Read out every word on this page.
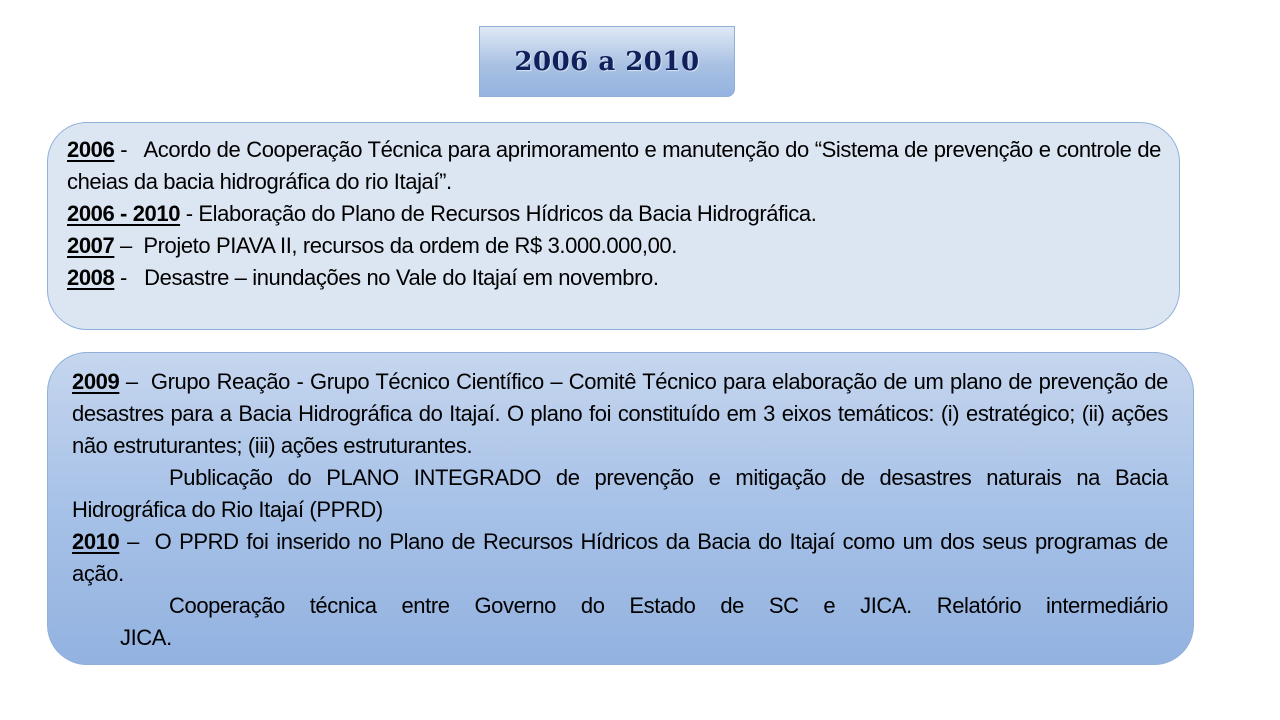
2006 a 2010

2006 -   Acordo de Cooperação Técnica para aprimoramento e manutenção do “Sistema de prevenção e controle de cheias da bacia hidrográfica do rio Itajaí”.

2006 - 2010 - Elaboração do Plano de Recursos Hídricos da Bacia Hidrográfica.

2007 –  Projeto PIAVA II, recursos da ordem de R$ 3.000.000,00.

2008 -   Desastre – inundações no Vale do Itajaí em novembro.

2009 –  Grupo Reação - Grupo Técnico Científico – Comitê Técnico para elaboração de um plano de prevenção de desastres para a Bacia Hidrográfica do Itajaí. O plano foi constituído em 3 eixos temáticos: (i) estratégico; (ii) ações não estruturantes; (iii) ações estruturantes.

Publicação do PLANO INTEGRADO de prevenção e mitigação de desastres naturais na Bacia Hidrográfica do Rio Itajaí (PPRD)

2010 –  O PPRD foi inserido no Plano de Recursos Hídricos da Bacia do Itajaí como um dos seus programas de ação.

Cooperação técnica entre Governo do Estado de SC e JICA. Relatório intermediário

JICA.
